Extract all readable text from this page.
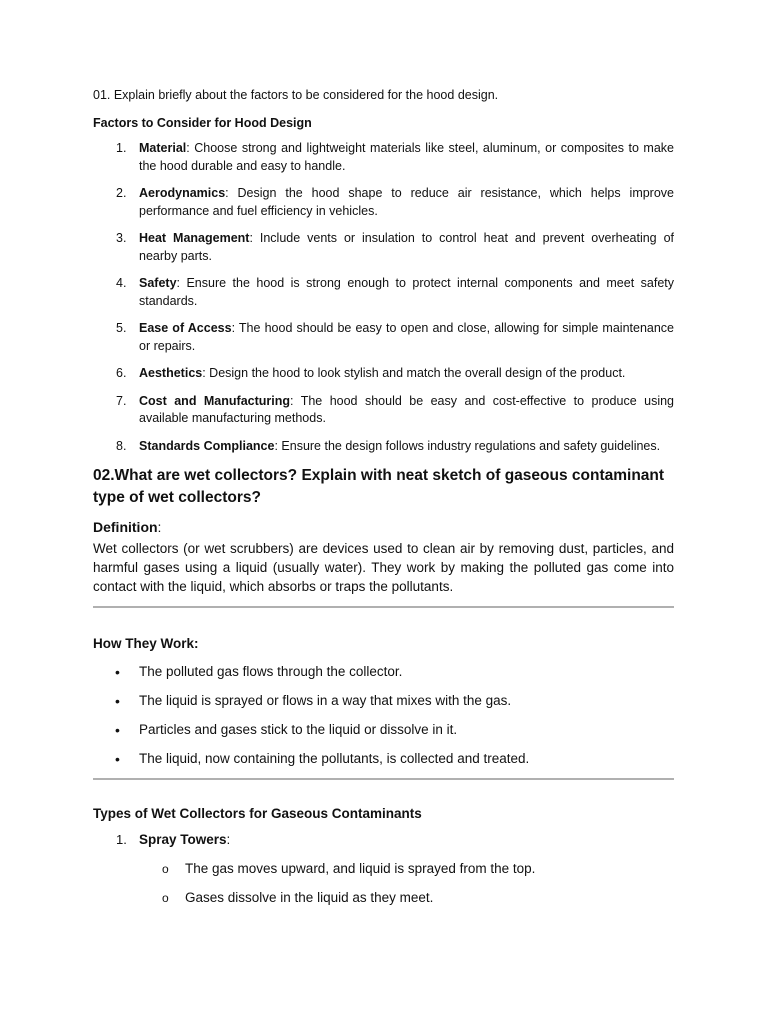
01. Explain briefly about the factors to be considered for the hood design.

Factors to Consider for Hood Design

1. Material: Choose strong and lightweight materials like steel, aluminum, or composites to make the hood durable and easy to handle.
2. Aerodynamics: Design the hood shape to reduce air resistance, which helps improve performance and fuel efficiency in vehicles.
3. Heat Management: Include vents or insulation to control heat and prevent overheating of nearby parts.
4. Safety: Ensure the hood is strong enough to protect internal components and meet safety standards.
5. Ease of Access: The hood should be easy to open and close, allowing for simple maintenance or repairs.
6. Aesthetics: Design the hood to look stylish and match the overall design of the product.
7. Cost and Manufacturing: The hood should be easy and cost-effective to produce using available manufacturing methods.
8. Standards Compliance: Ensure the design follows industry regulations and safety guidelines.

02.What are wet collectors? Explain with neat sketch of gaseous contaminant type of wet collectors?

Definition:

Wet collectors (or wet scrubbers) are devices used to clean air by removing dust, particles, and harmful gases using a liquid (usually water). They work by making the polluted gas come into contact with the liquid, which absorbs or traps the pollutants.

How They Work:

• The polluted gas flows through the collector.
• The liquid is sprayed or flows in a way that mixes with the gas.
• Particles and gases stick to the liquid or dissolve in it.
• The liquid, now containing the pollutants, is collected and treated.

Types of Wet Collectors for Gaseous Contaminants

1. Spray Towers:
o The gas moves upward, and liquid is sprayed from the top.
o Gases dissolve in the liquid as they meet.
